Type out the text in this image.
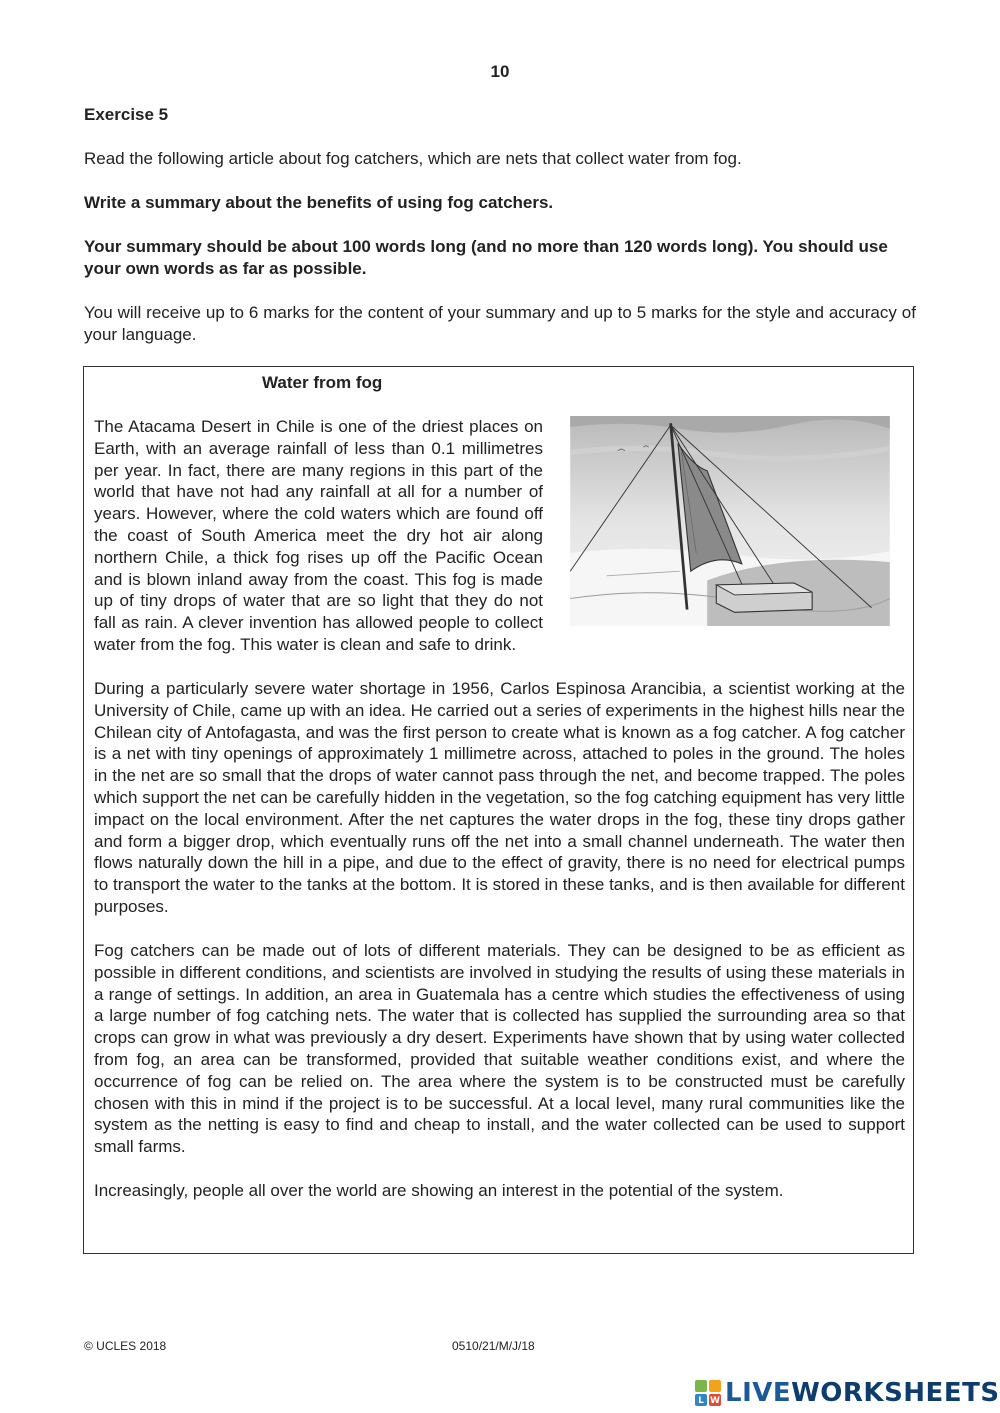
10
Exercise 5
Read the following article about fog catchers, which are nets that collect water from fog.
Write a summary about the benefits of using fog catchers.
Your summary should be about 100 words long (and no more than 120 words long). You should use your own words as far as possible.
You will receive up to 6 marks for the content of your summary and up to 5 marks for the style and accuracy of your language.
Water from fog
The Atacama Desert in Chile is one of the driest places on Earth, with an average rainfall of less than 0.1 millimetres per year. In fact, there are many regions in this part of the world that have not had any rainfall at all for a number of years. However, where the cold waters which are found off the coast of South America meet the dry hot air along northern Chile, a thick fog rises up off the Pacific Ocean and is blown inland away from the coast. This fog is made up of tiny drops of water that are so light that they do not fall as rain. A clever invention has allowed people to collect water from the fog. This water is clean and safe to drink.
During a particularly severe water shortage in 1956, Carlos Espinosa Arancibia, a scientist working at the University of Chile, came up with an idea. He carried out a series of experiments in the highest hills near the Chilean city of Antofagasta, and was the first person to create what is known as a fog catcher. A fog catcher is a net with tiny openings of approximately 1 millimetre across, attached to poles in the ground. The holes in the net are so small that the drops of water cannot pass through the net, and become trapped. The poles which support the net can be carefully hidden in the vegetation, so the fog catching equipment has very little impact on the local environment. After the net captures the water drops in the fog, these tiny drops gather and form a bigger drop, which eventually runs off the net into a small channel underneath. The water then flows naturally down the hill in a pipe, and due to the effect of gravity, there is no need for electrical pumps to transport the water to the tanks at the bottom. It is stored in these tanks, and is then available for different purposes.
Fog catchers can be made out of lots of different materials. They can be designed to be as efficient as possible in different conditions, and scientists are involved in studying the results of using these materials in a range of settings. In addition, an area in Guatemala has a centre which studies the effectiveness of using a large number of fog catching nets. The water that is collected has supplied the surrounding area so that crops can grow in what was previously a dry desert. Experiments have shown that by using water collected from fog, an area can be transformed, provided that suitable weather conditions exist, and where the occurrence of fog can be relied on. The area where the system is to be constructed must be carefully chosen with this in mind if the project is to be successful. At a local level, many rural communities like the system as the netting is easy to find and cheap to install, and the water collected can be used to support small farms.
Increasingly, people all over the world are showing an interest in the potential of the system.
© UCLES 2018	0510/21/M/J/18
L W LIVEWORKSHEETS
